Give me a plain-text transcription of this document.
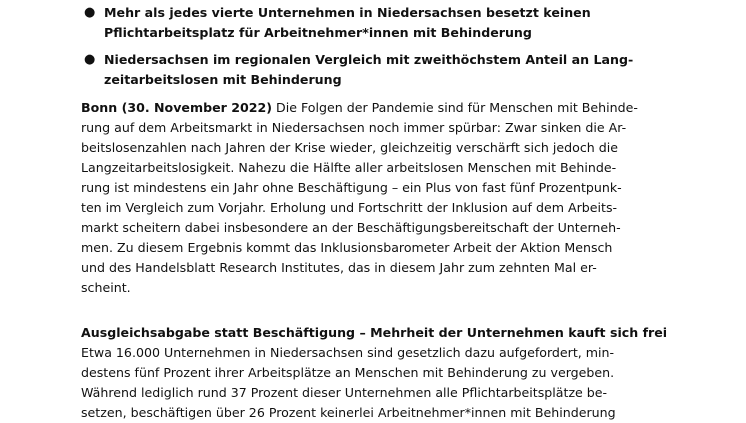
● Mehr als jedes vierte Unternehmen in Niedersachsen besetzt keinen
Pflichtarbeitsplatz für Arbeitnehmer*innen mit Behinderung
● Niedersachsen im regionalen Vergleich mit zweithöchstem Anteil an Lang-
zeitarbeitslosen mit Behinderung
Bonn (30. November 2022) Die Folgen der Pandemie sind für Menschen mit Behinde-
rung auf dem Arbeitsmarkt in Niedersachsen noch immer spürbar: Zwar sinken die Ar-
beitslosenzahlen nach Jahren der Krise wieder, gleichzeitig verschärft sich jedoch die
Langzeitarbeitslosigkeit. Nahezu die Hälfte aller arbeitslosen Menschen mit Behinde-
rung ist mindestens ein Jahr ohne Beschäftigung – ein Plus von fast fünf Prozentpunk-
ten im Vergleich zum Vorjahr. Erholung und Fortschritt der Inklusion auf dem Arbeits-
markt scheitern dabei insbesondere an der Beschäftigungsbereitschaft der Unterneh-
men. Zu diesem Ergebnis kommt das Inklusionsbarometer Arbeit der Aktion Mensch
und des Handelsblatt Research Institutes, das in diesem Jahr zum zehnten Mal er-
scheint.
Ausgleichsabgabe statt Beschäftigung – Mehrheit der Unternehmen kauft sich frei
Etwa 16.000 Unternehmen in Niedersachsen sind gesetzlich dazu aufgefordert, min-
destens fünf Prozent ihrer Arbeitsplätze an Menschen mit Behinderung zu vergeben.
Während lediglich rund 37 Prozent dieser Unternehmen alle Pflichtarbeitsplätze be-
setzen, beschäftigen über 26 Prozent keinerlei Arbeitnehmer*innen mit Behinderung
